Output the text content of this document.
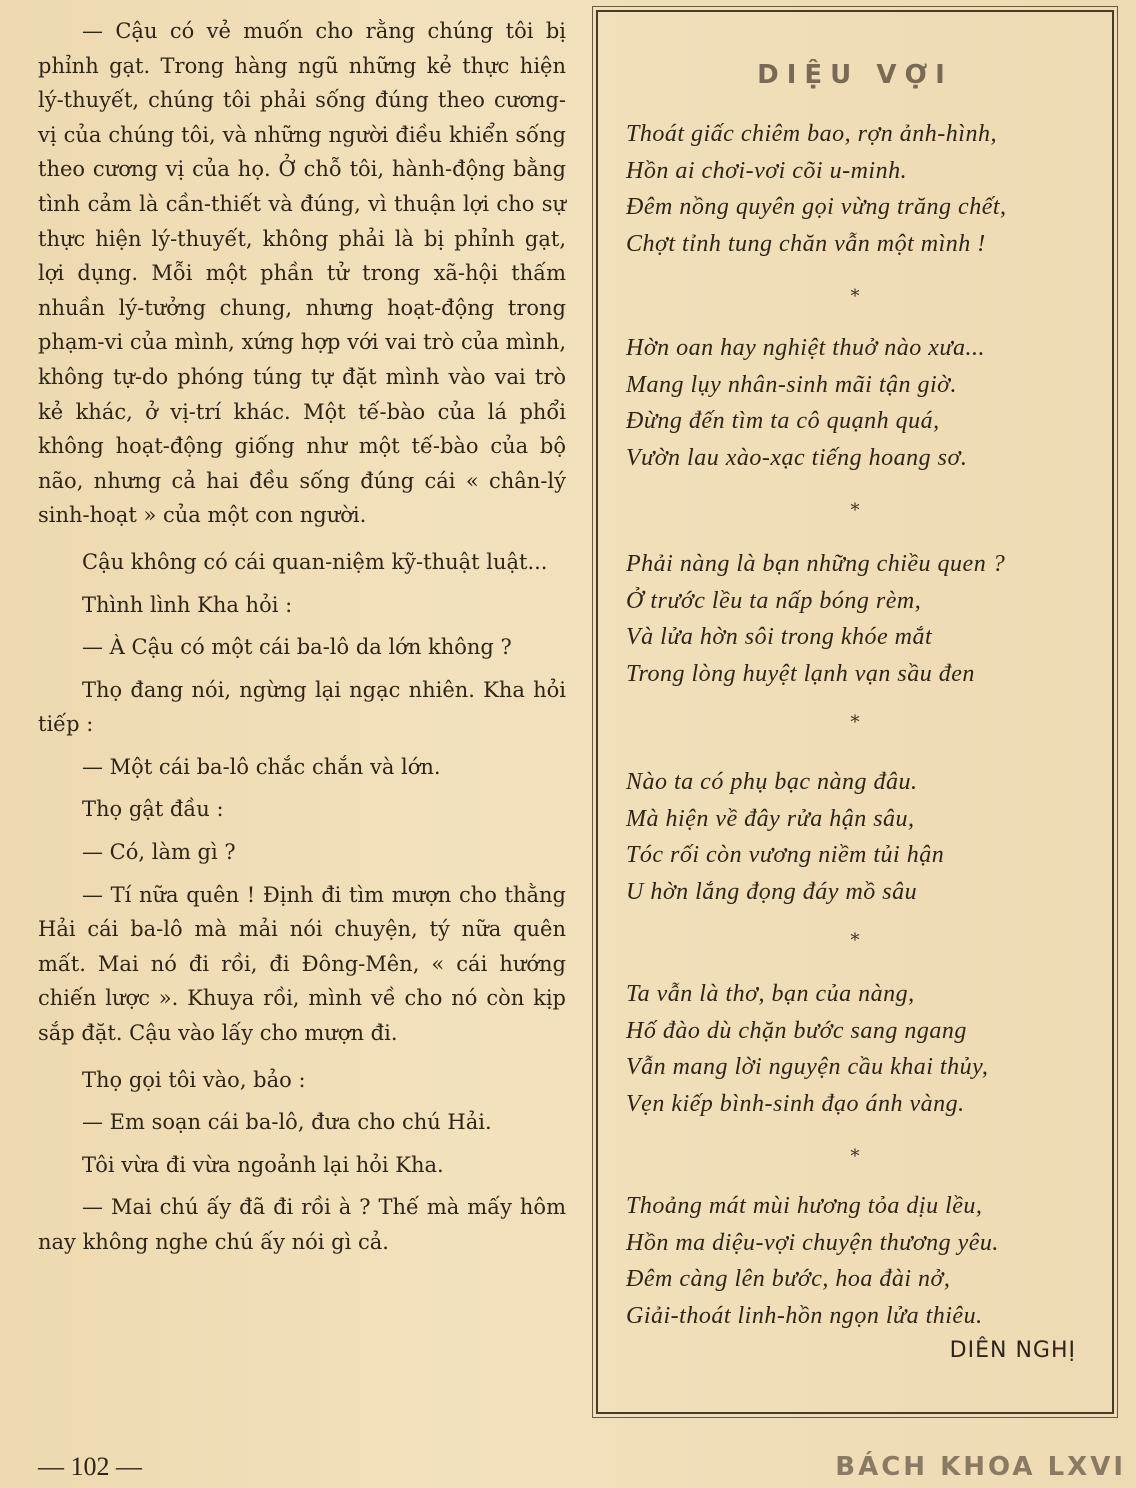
— Cậu có vẻ muốn cho rằng chúng tôi bị phỉnh gạt. Trong hàng ngũ những kẻ thực hiện lý-thuyết, chúng tôi phải sống đúng theo cương-vị của chúng tôi, và những người điều khiển sống theo cương vị của họ. Ở chỗ tôi, hành-động bằng tình cảm là cần-thiết và đúng, vì thuận lợi cho sự thực hiện lý-thuyết, không phải là bị phỉnh gạt, lợi dụng. Mỗi một phần tử trong xã-hội thấm nhuần lý-tưởng chung, nhưng hoạt-động trong phạm-vi của mình, xứng hợp với vai trò của mình, không tự-do phóng túng tự đặt mình vào vai trò kẻ khác, ở vị-trí khác. Một tế-bào của lá phổi không hoạt-động giống như một tế-bào của bộ não, nhưng cả hai đều sống đúng cái « chân-lý sinh-hoạt » của một con người.

Cậu không có cái quan-niệm kỹ-thuật luật...

Thình lình Kha hỏi :

— À Cậu có một cái ba-lô da lớn không ?

Thọ đang nói, ngừng lại ngạc nhiên. Kha hỏi tiếp :

— Một cái ba-lô chắc chắn và lớn.

Thọ gật đầu :

— Có, làm gì ?

— Tí nữa quên ! Định đi tìm mượn cho thằng Hải cái ba-lô mà mải nói chuyện, tý nữa quên mất. Mai nó đi rồi, đi Đông-Mên, « cái hướng chiến lược ». Khuya rồi, mình về cho nó còn kịp sắp đặt. Cậu vào lấy cho mượn đi.

Thọ gọi tôi vào, bảo :

— Em soạn cái ba-lô, đưa cho chú Hải.

Tôi vừa đi vừa ngoảnh lại hỏi Kha.

— Mai chú ấy đã đi rồi à ? Thế mà mấy hôm nay không nghe chú ấy nói gì cả.

DIỆU VỢI
Thoát giấc chiêm bao, rợn ảnh-hình,
Hồn ai chơi-vơi cõi u-minh.
Đêm nồng quyên gọi vừng trăng chết,
Chợt tỉnh tung chăn vẫn một mình !
*
Hờn oan hay nghiệt thuở nào xưa...
Mang lụy nhân-sinh mãi tận giờ.
Đừng đến tìm ta cô quạnh quá,
Vườn lau xào-xạc tiếng hoang sơ.
*
Phải nàng là bạn những chiều quen ?
Ở trước lều ta nấp bóng rèm,
Và lửa hờn sôi trong khóe mắt
Trong lòng huyệt lạnh vạn sầu đen
*
Nào ta có phụ bạc nàng đâu.
Mà hiện về đây rửa hận sâu,
Tóc rối còn vương niềm tủi hận
U hờn lắng đọng đáy mồ sâu
*
Ta vẫn là thơ, bạn của nàng,
Hố đào dù chặn bước sang ngang
Vẫn mang lời nguyện cầu khai thủy,
Vẹn kiếp bình-sinh đạo ánh vàng.
*
Thoảng mát mùi hương tỏa dịu lều,
Hồn ma diệu-vợi chuyện thương yêu.
Đêm càng lên bước, hoa đài nở,
Giải-thoát linh-hồn ngọn lửa thiêu.
DIÊN NGHỊ
— 102 —	BÁCH KHOA LXVI
